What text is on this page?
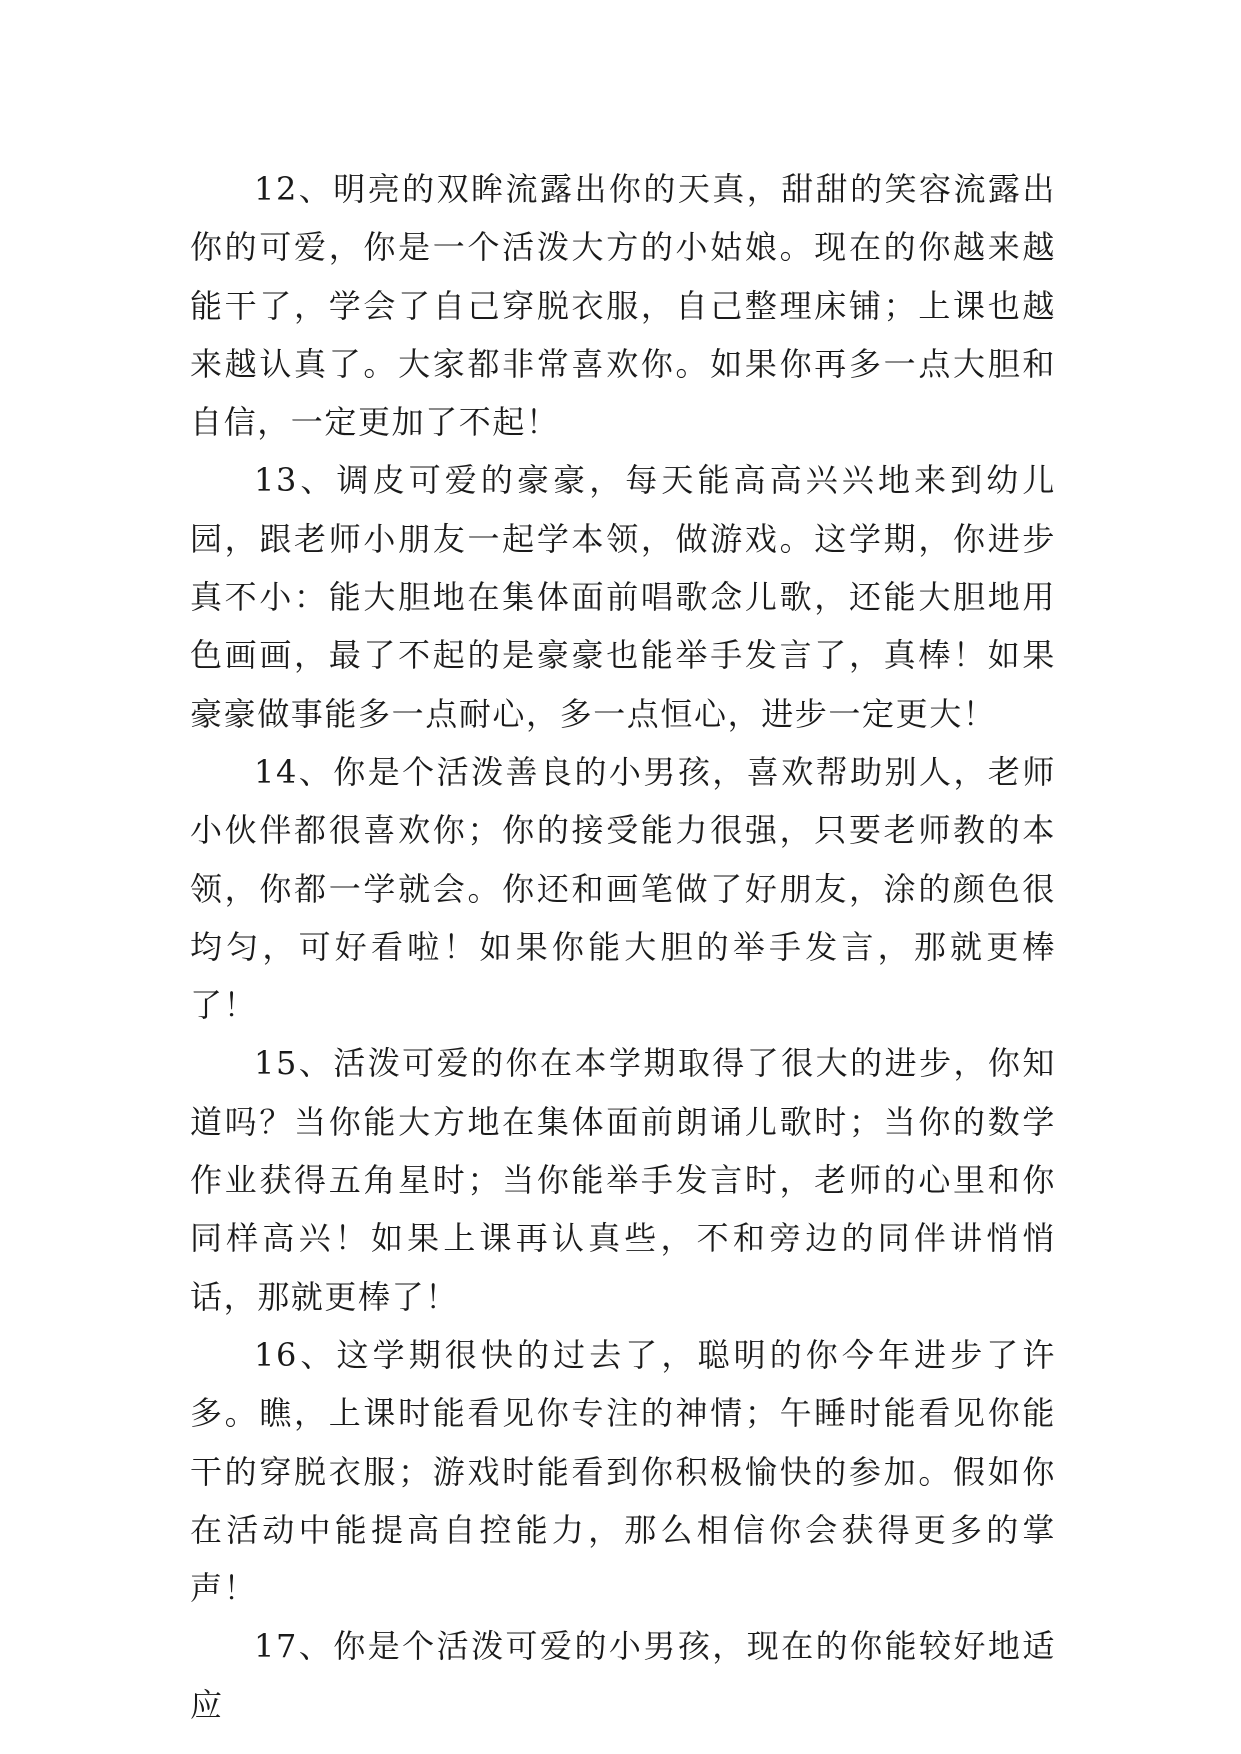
12、明亮的双眸流露出你的天真，甜甜的笑容流露出你的可爱，你是一个活泼大方的小姑娘。现在的你越来越能干了，学会了自己穿脱衣服，自己整理床铺；上课也越来越认真了。大家都非常喜欢你。如果你再多一点大胆和自信，一定更加了不起！

13、调皮可爱的豪豪，每天能高高兴兴地来到幼儿园，跟老师小朋友一起学本领，做游戏。这学期，你进步真不小：能大胆地在集体面前唱歌念儿歌，还能大胆地用色画画，最了不起的是豪豪也能举手发言了，真棒！如果豪豪做事能多一点耐心，多一点恒心，进步一定更大！

14、你是个活泼善良的小男孩，喜欢帮助别人，老师小伙伴都很喜欢你；你的接受能力很强，只要老师教的本领，你都一学就会。你还和画笔做了好朋友，涂的颜色很均匀，可好看啦！如果你能大胆的举手发言，那就更棒了！

15、活泼可爱的你在本学期取得了很大的进步，你知道吗？当你能大方地在集体面前朗诵儿歌时；当你的数学作业获得五角星时；当你能举手发言时，老师的心里和你同样高兴！如果上课再认真些，不和旁边的同伴讲悄悄话，那就更棒了！

16、这学期很快的过去了，聪明的你今年进步了许多。瞧，上课时能看见你专注的神情；午睡时能看见你能干的穿脱衣服；游戏时能看到你积极愉快的参加。假如你在活动中能提高自控能力，那么相信你会获得更多的掌声！

17、你是个活泼可爱的小男孩，现在的你能较好地适应
